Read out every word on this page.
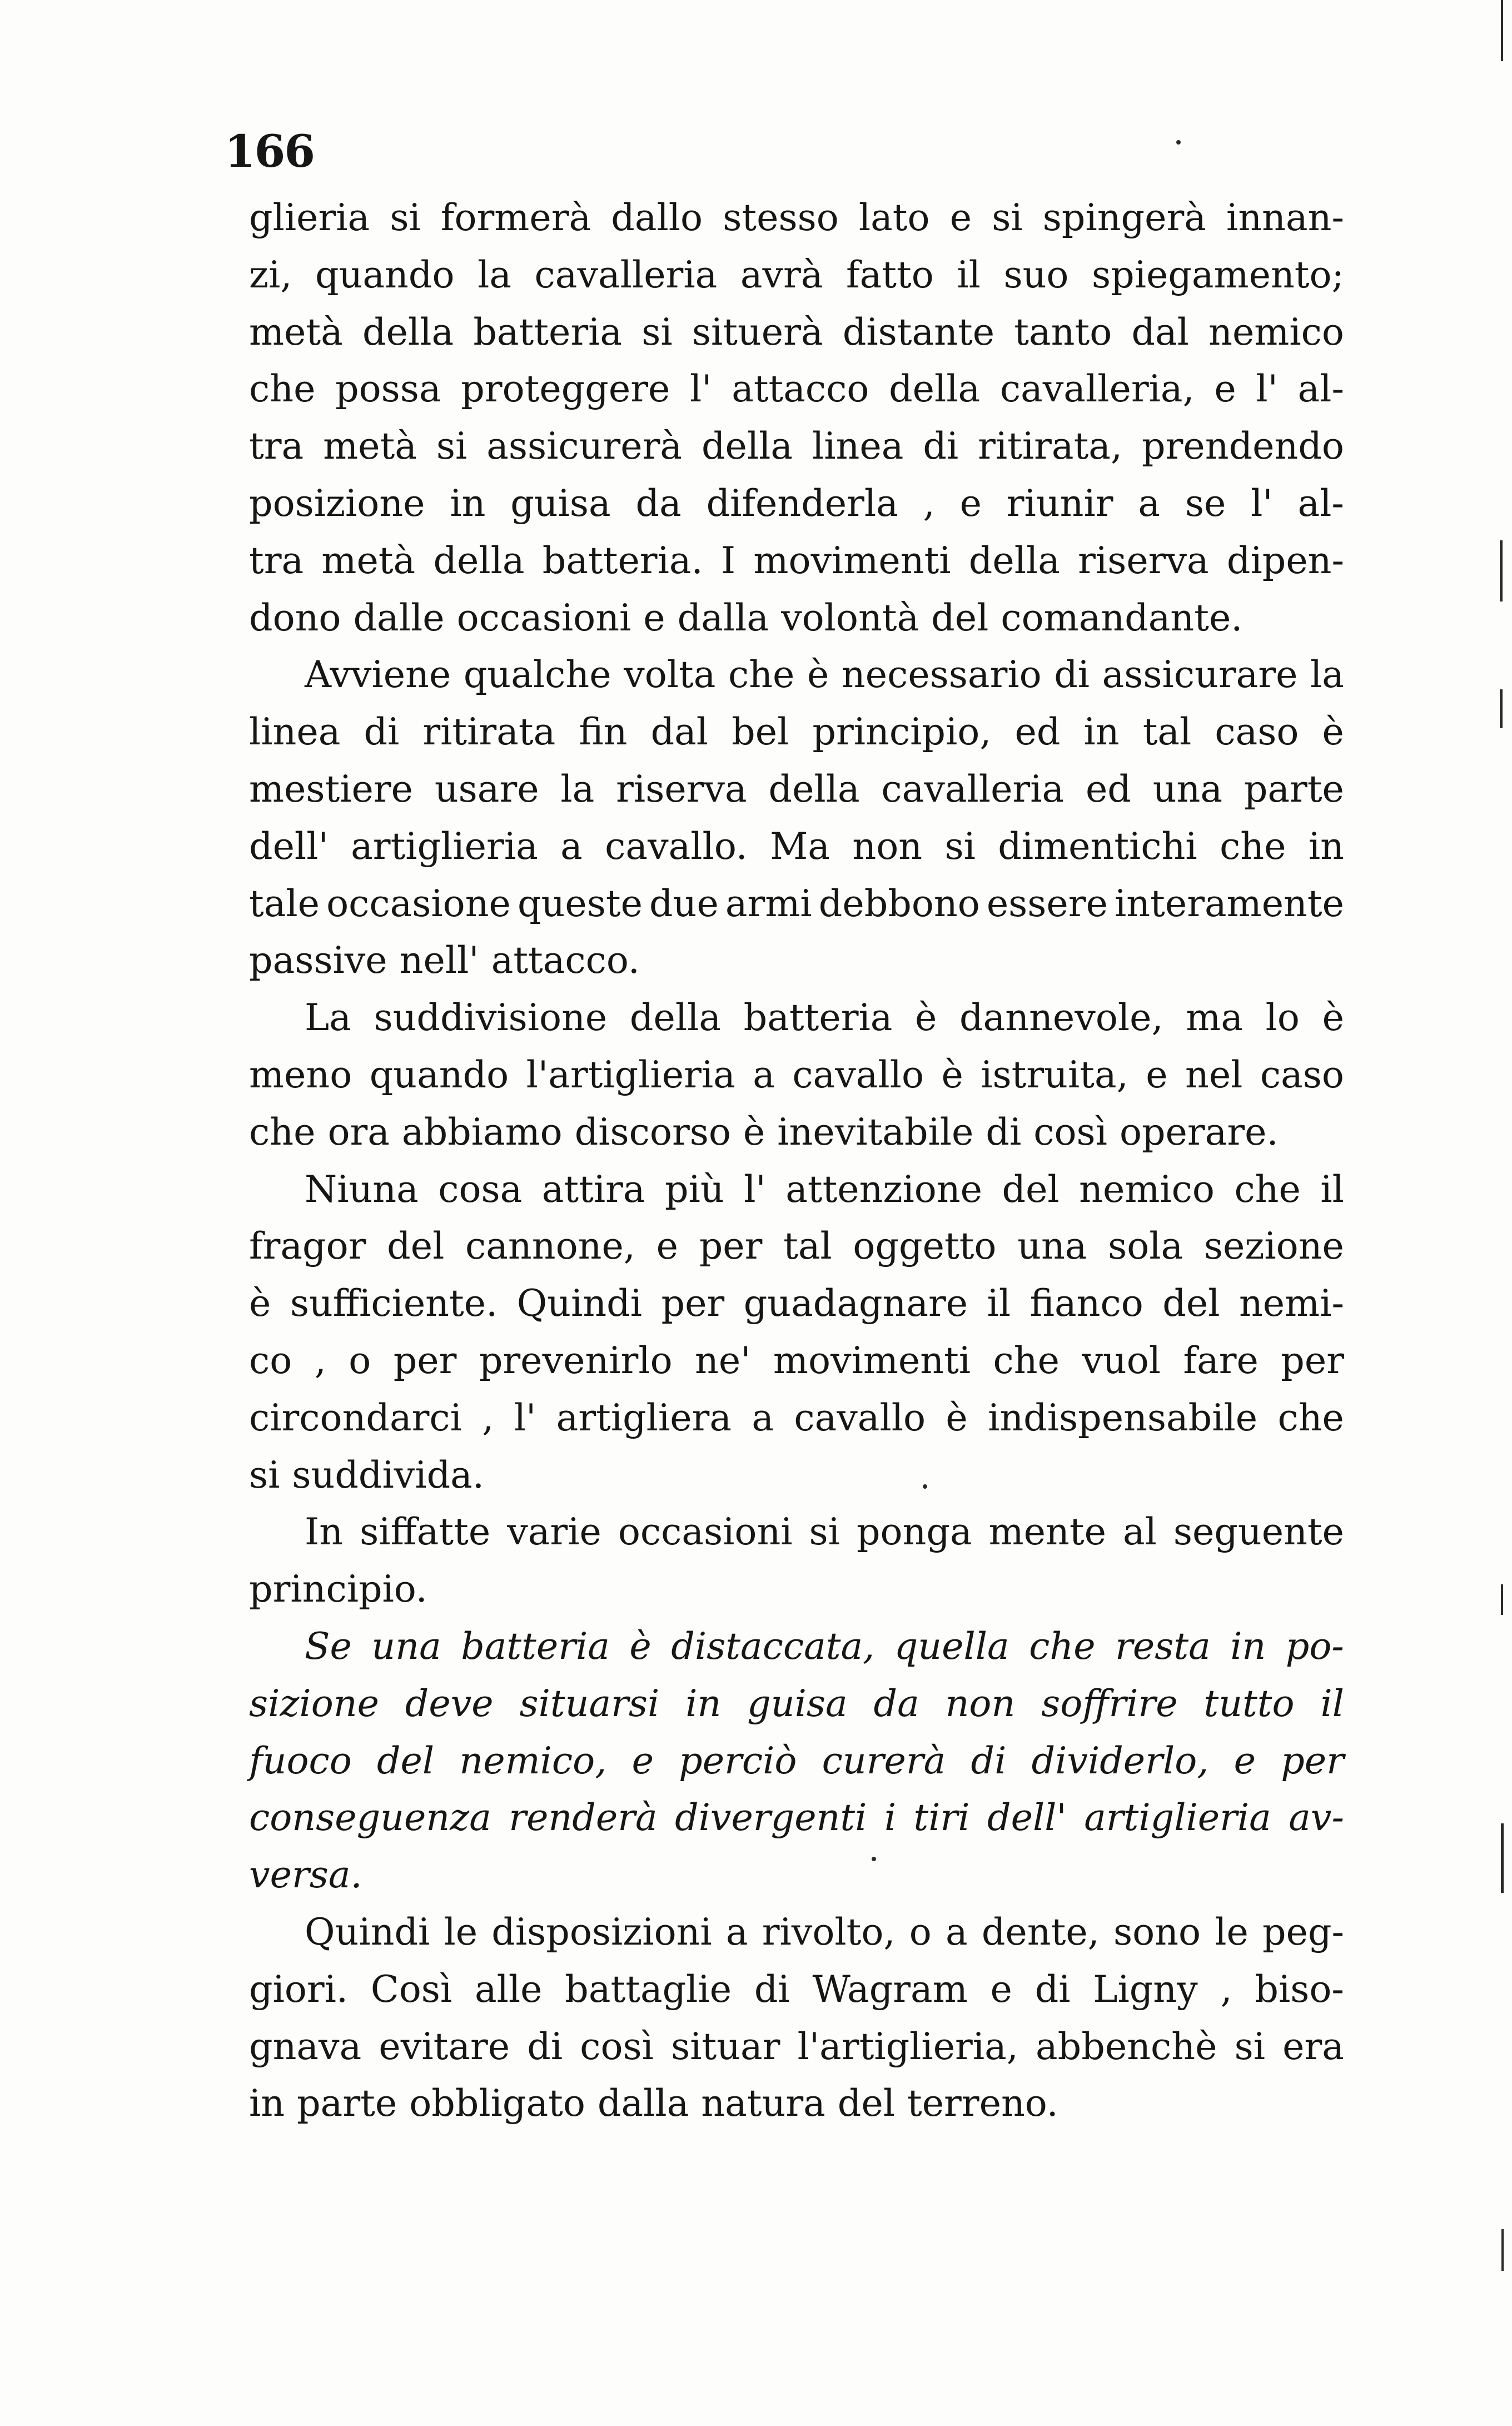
166
glieria si formerà dallo stesso lato e si spingerà innan-
zi, quando la cavalleria avrà fatto il suo spiegamento;
metà della batteria si situerà distante tanto dal nemico
che possa proteggere l' attacco della cavalleria, e l' al-
tra metà si assicurerà della linea di ritirata, prendendo
posizione in guisa da difenderla , e riunir a se l' al-
tra metà della batteria. I movimenti della riserva dipen-
dono dalle occasioni e dalla volontà del comandante.
Avviene qualche volta che è necessario di assicurare la
linea di ritirata fin dal bel principio, ed in tal caso è
mestiere usare la riserva della cavalleria ed una parte
dell' artiglieria a cavallo. Ma non si dimentichi che in
tale occasione queste due armi debbono essere interamente
passive nell' attacco.
La suddivisione della batteria è dannevole, ma lo è
meno quando l'artiglieria a cavallo è istruita, e nel caso
che ora abbiamo discorso è inevitabile di così operare.
Niuna cosa attira più l' attenzione del nemico che il
fragor del cannone, e per tal oggetto una sola sezione
è sufficiente. Quindi per guadagnare il fianco del nemi-
co , o per prevenirlo ne' movimenti che vuol fare per
circondarci , l' artigliera a cavallo è indispensabile che
si suddivida.
In siffatte varie occasioni si ponga mente al seguente
principio.
Se una batteria è distaccata, quella che resta in po-
sizione deve situarsi in guisa da non soffrire tutto il
fuoco del nemico, e perciò curerà di dividerlo, e per
conseguenza renderà divergenti i tiri dell' artiglieria av-
versa.
Quindi le disposizioni a rivolto, o a dente, sono le peg-
giori. Così alle battaglie di Wagram e di Ligny , biso-
gnava evitare di così situar l'artiglieria, abbenchè si era
in parte obbligato dalla natura del terreno.
